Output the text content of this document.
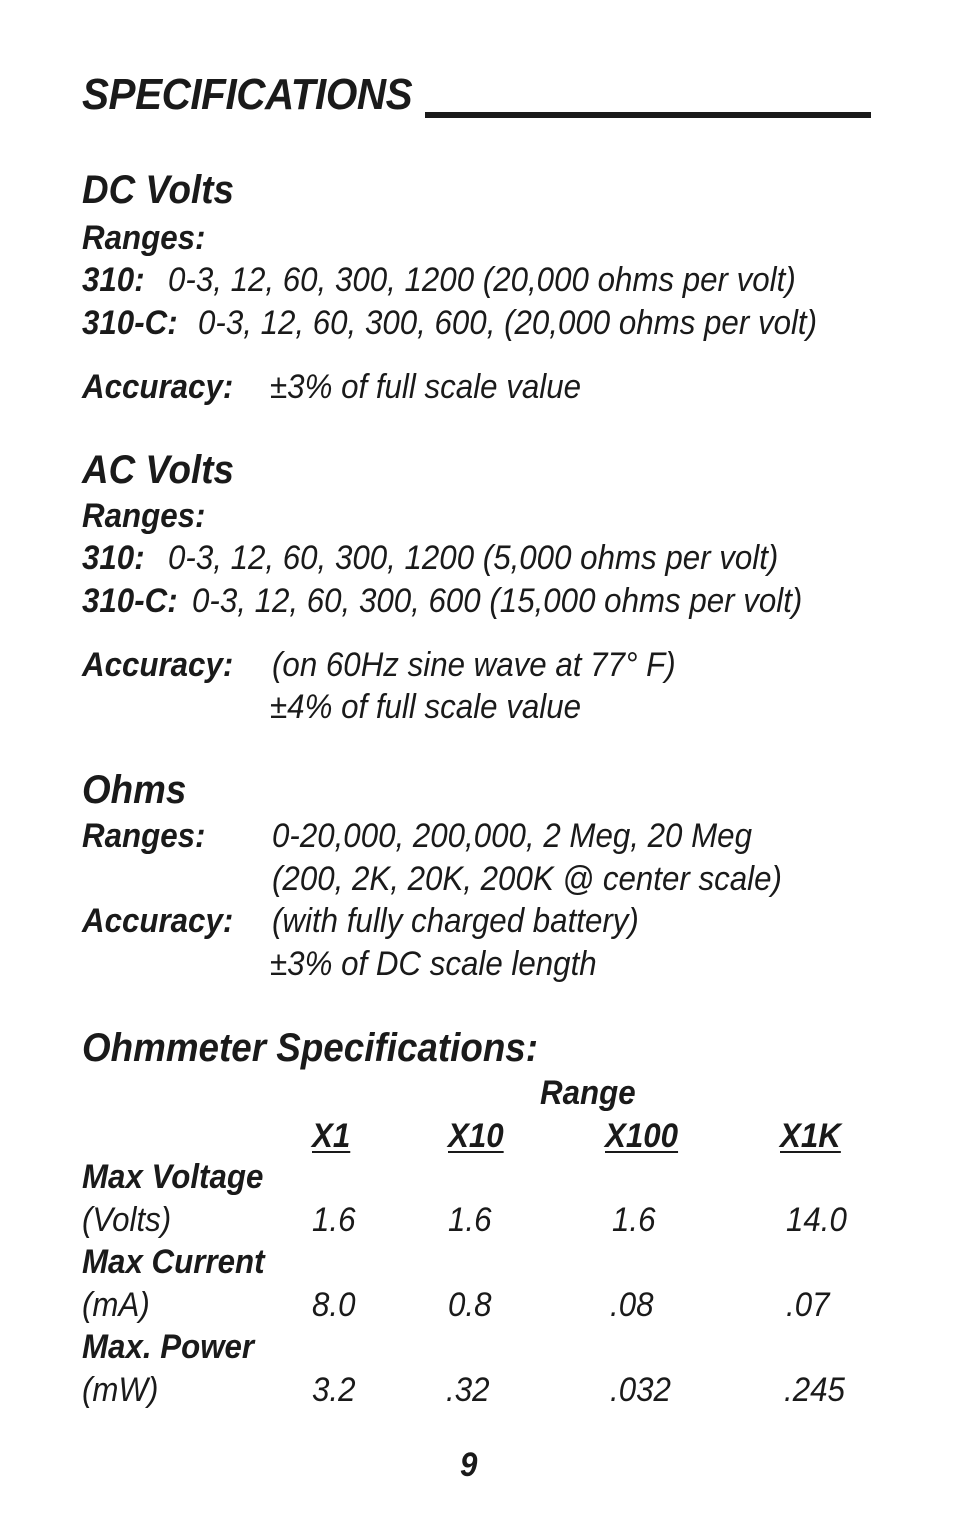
SPECIFICATIONS
DC Volts
Ranges:
310: 0-3, 12, 60, 300, 1200 (20,000 ohms per volt)
310-C: 0-3, 12, 60, 300, 600, (20,000 ohms per volt)
Accuracy: ±3% of full scale value
AC Volts
Ranges:
310: 0-3, 12, 60, 300, 1200 (5,000 ohms per volt)
310-C: 0-3, 12, 60, 300, 600 (15,000 ohms per volt)
Accuracy: (on 60Hz sine wave at 77° F)
±4% of full scale value
Ohms
Ranges: 0-20,000, 200,000, 2 Meg, 20 Meg
(200, 2K, 20K, 200K @ center scale)
Accuracy: (with fully charged battery)
±3% of DC scale length
Ohmmeter Specifications:
Range
X1	X10	X100	X1K
Max Voltage
(Volts)	1.6	1.6	1.6	14.0
Max Current
(mA)	8.0	0.8	.08	.07
Max. Power
(mW)	3.2	.32	.032	.245
9
